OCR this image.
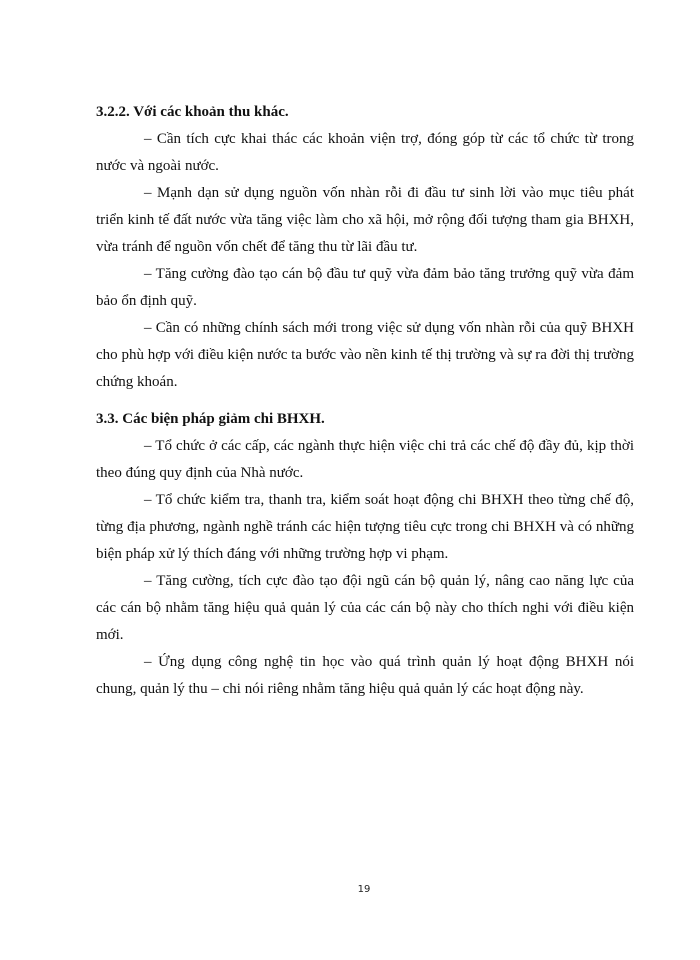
3.2.2. Với các khoản thu khác.

– Cần tích cực khai thác các khoản viện trợ, đóng góp từ các tổ chức từ trong nước và ngoài nước.

– Mạnh dạn sử dụng nguồn vốn nhàn rỗi đi đầu tư sinh lời vào mục tiêu phát triển kinh tế đất nước vừa tăng việc làm cho xã hội, mở rộng đối tượng tham gia BHXH, vừa tránh để nguồn vốn chết để tăng thu từ lãi đầu tư.

– Tăng cường đào tạo cán bộ đầu tư quỹ vừa đảm bảo tăng trưởng quỹ vừa đảm bảo ổn định quỹ.

– Cần có những chính sách mới trong việc sử dụng vốn nhàn rỗi của quỹ BHXH cho phù hợp với điều kiện nước ta bước vào nền kinh tế thị trường và sự ra đời thị trường chứng khoán.

3.3. Các biện pháp giảm chi BHXH.

– Tổ chức ở các cấp, các ngành thực hiện việc chi trả các chế độ đầy đủ, kịp thời theo đúng quy định của Nhà nước.

– Tổ chức kiểm tra, thanh tra, kiểm soát hoạt động chi BHXH theo từng chế độ, từng địa phương, ngành nghề tránh các hiện tượng tiêu cực trong chi BHXH và có những biện pháp xử lý thích đáng với những trường hợp vi phạm.

– Tăng cường, tích cực đào tạo đội ngũ cán bộ quản lý, nâng cao năng lực của các cán bộ nhằm tăng hiệu quả quản lý của các cán bộ này cho thích nghi với điều kiện mới.

– Ứng dụng công nghệ tin học vào quá trình quản lý hoạt động BHXH nói chung, quản lý thu – chi nói riêng nhằm tăng hiệu quả quản lý các hoạt động này.

19
